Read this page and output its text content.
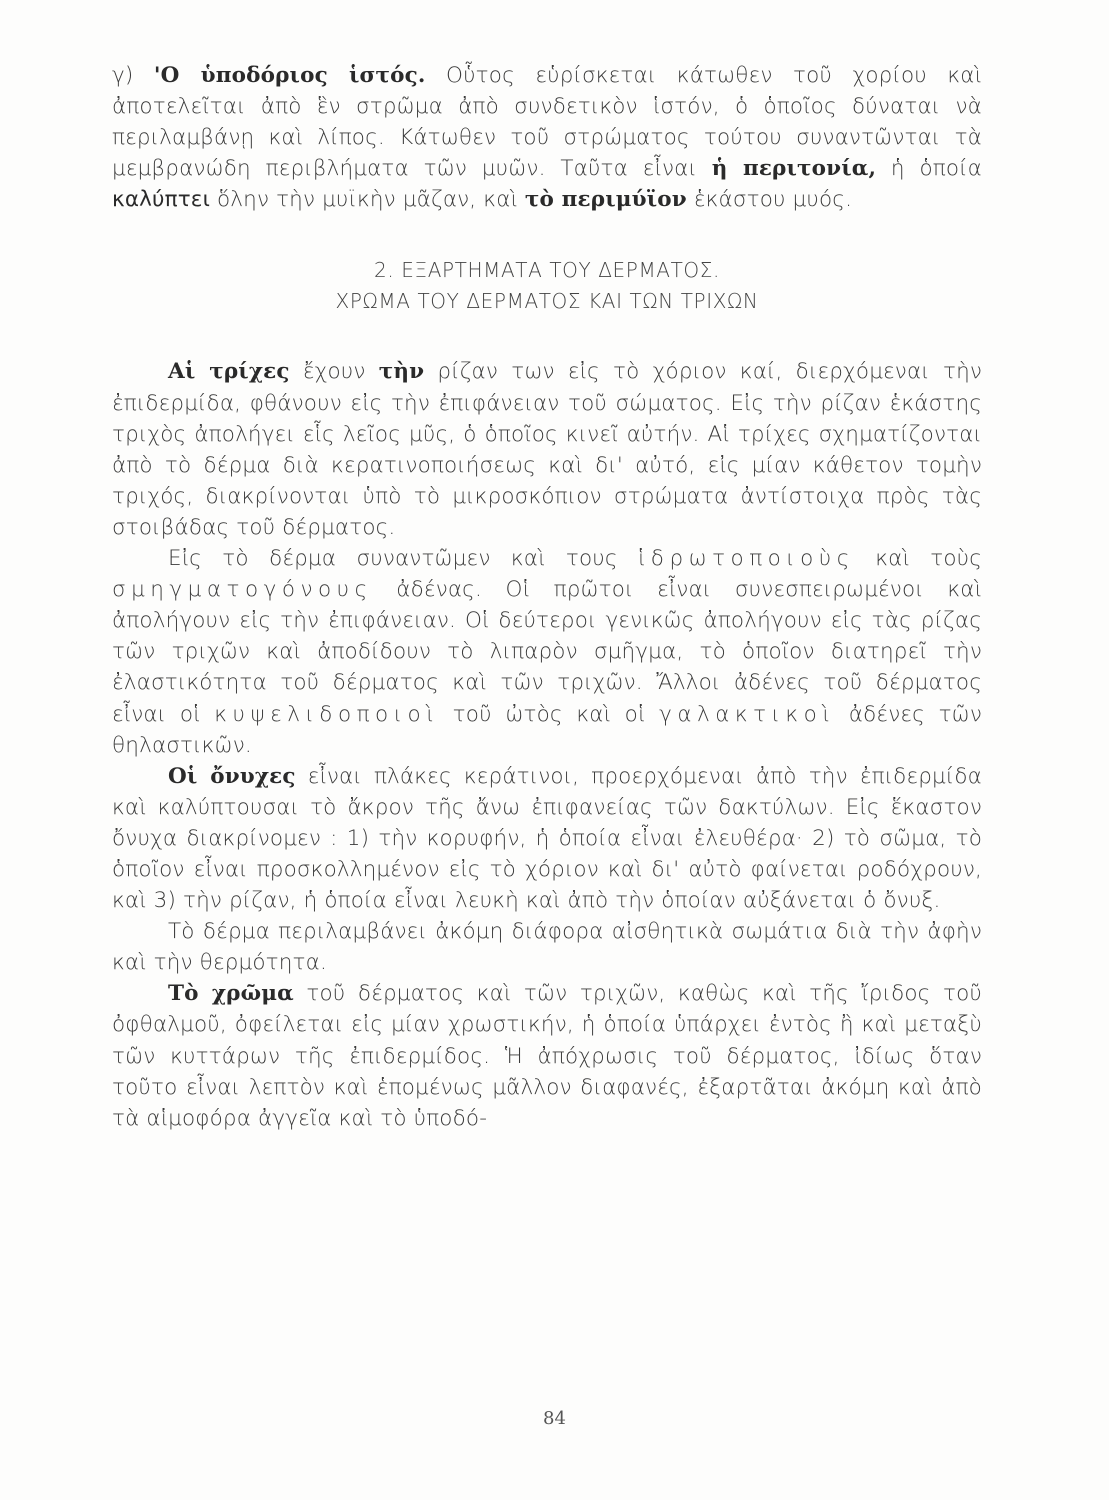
γ) 'Ο ὑποδόριος ἱστός. Οὗτος εὑρίσκεται κάτωθεν τοῦ χορίου καὶ ἀποτελεῖται ἀπὸ ἓν στρῶμα ἀπὸ συνδετικὸν ἱστόν, ὁ ὁποῖος δύναται νὰ περιλαμβάνῃ καὶ λίπος. Κάτωθεν τοῦ στρώματος τούτου συναντῶνται τὰ μεμβρανώδη περιβλήματα τῶν μυῶν. Ταῦτα εἶναι ἡ περιτονία, ἡ ὁποία καλύπτει ὅλην τὴν μυϊκὴν μᾶζαν, καὶ τὸ περιμύϊον ἑκάστου μυός.

2. ΕΞΑΡΤΗΜΑΤΑ ΤΟΥ ΔΕΡΜΑΤΟΣ.
ΧΡΩΜΑ ΤΟΥ ΔΕΡΜΑΤΟΣ ΚΑΙ ΤΩΝ ΤΡΙΧΩΝ

Αἱ τρίχες ἔχουν τὴν ρίζαν των εἰς τὸ χόριον καί, διερχόμεναι τὴν ἐπιδερμίδα, φθάνουν εἰς τὴν ἐπιφάνειαν τοῦ σώματος. Εἰς τὴν ρίζαν ἑκάστης τριχὸς ἀπολήγει εἷς λεῖος μῦς, ὁ ὁποῖος κινεῖ αὐτήν. Αἱ τρίχες σχηματίζονται ἀπὸ τὸ δέρμα διὰ κερατινοποιήσεως καὶ δι' αὐτό, εἰς μίαν κάθετον τομὴν τριχός, διακρίνονται ὑπὸ τὸ μικροσκόπιον στρώματα ἀντίστοιχα πρὸς τὰς στοιβάδας τοῦ δέρματος.

Εἰς τὸ δέρμα συναντῶμεν καὶ τους ἱδρωτοποιοὺς καὶ τοὺς σμηγματογόνους ἀδένας. Οἱ πρῶτοι εἶναι συνεσπειρωμένοι καὶ ἀπολήγουν εἰς τὴν ἐπιφάνειαν. Οἱ δεύτεροι γενικῶς ἀπολήγουν εἰς τὰς ρίζας τῶν τριχῶν καὶ ἀποδίδουν τὸ λιπαρὸν σμῆγμα, τὸ ὁποῖον διατηρεῖ τὴν ἐλαστικότητα τοῦ δέρματος καὶ τῶν τριχῶν. Ἄλλοι ἀδένες τοῦ δέρματος εἶναι οἱ κυψελιδοποιοὶ τοῦ ὠτὸς καὶ οἱ γαλακτικοὶ ἀδένες τῶν θηλαστικῶν.

Οἱ ὄνυχες εἶναι πλάκες κεράτινοι, προερχόμεναι ἀπὸ τὴν ἐπιδερμίδα καὶ καλύπτουσαι τὸ ἄκρον τῆς ἄνω ἐπιφανείας τῶν δακτύλων. Εἰς ἕκαστον ὄνυχα διακρίνομεν : 1) τὴν κορυφήν, ἡ ὁποία εἶναι ἐλευθέρα· 2) τὸ σῶμα, τὸ ὁποῖον εἶναι προσκολλημένον εἰς τὸ χόριον καὶ δι' αὐτὸ φαίνεται ροδόχρουν, καὶ 3) τὴν ρίζαν, ἡ ὁποία εἶναι λευκὴ καὶ ἀπὸ τὴν ὁποίαν αὐξάνεται ὁ ὄνυξ.

Τὸ δέρμα περιλαμβάνει ἀκόμη διάφορα αἰσθητικὰ σωμάτια διὰ τὴν ἀφὴν καὶ τὴν θερμότητα.

Τὸ χρῶμα τοῦ δέρματος καὶ τῶν τριχῶν, καθὼς καὶ τῆς ἴριδος τοῦ ὀφθαλμοῦ, ὀφείλεται εἰς μίαν χρωστικήν, ἡ ὁποία ὑπάρχει ἐντὸς ἢ καὶ μεταξὺ τῶν κυττάρων τῆς ἐπιδερμίδος. Ἡ ἀπόχρωσις τοῦ δέρματος, ἰδίως ὅταν τοῦτο εἶναι λεπτὸν καὶ ἑπομένως μᾶλλον διαφανές, ἐξαρτᾶται ἀκόμη καὶ ἀπὸ τὰ αἱμοφόρα ἀγγεῖα καὶ τὸ ὑποδό-

84
